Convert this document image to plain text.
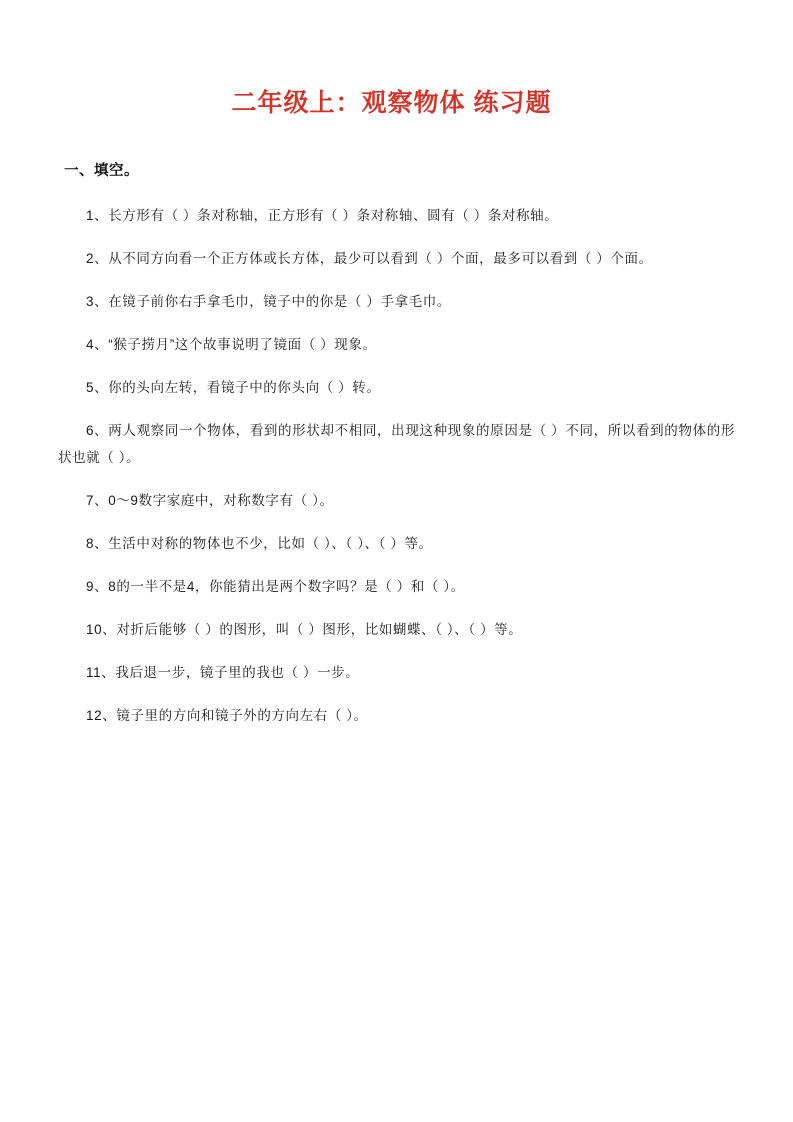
二年级上：观察物体 练习题
一、填空。
1、长方形有（ ）条对称轴，正方形有（ ）条对称轴、圆有（ ）条对称轴。
2、从不同方向看一个正方体或长方体，最少可以看到（ ）个面，最多可以看到（ ）个面。
3、在镜子前你右手拿毛巾，镜子中的你是（ ）手拿毛巾。
4、“猴子捞月”这个故事说明了镜面（ ）现象。
5、你的头向左转，看镜子中的你头向（ ）转。
6、两人观察同一个物体，看到的形状却不相同，出现这种现象的原因是（ ）不同，所以看到的物体的形状也就（ ）。
7、0～9数字家庭中，对称数字有（ ）。
8、生活中对称的物体也不少，比如（ ）、（ ）、（ ）等。
9、8的一半不是4，你能猜出是两个数字吗？是（ ）和（ ）。
10、对折后能够（ ）的图形，叫（ ）图形，比如蝴蝶、（ ）、（ ）等。
11、我后退一步，镜子里的我也（ ）一步。
12、镜子里的方向和镜子外的方向左右（ ）。
